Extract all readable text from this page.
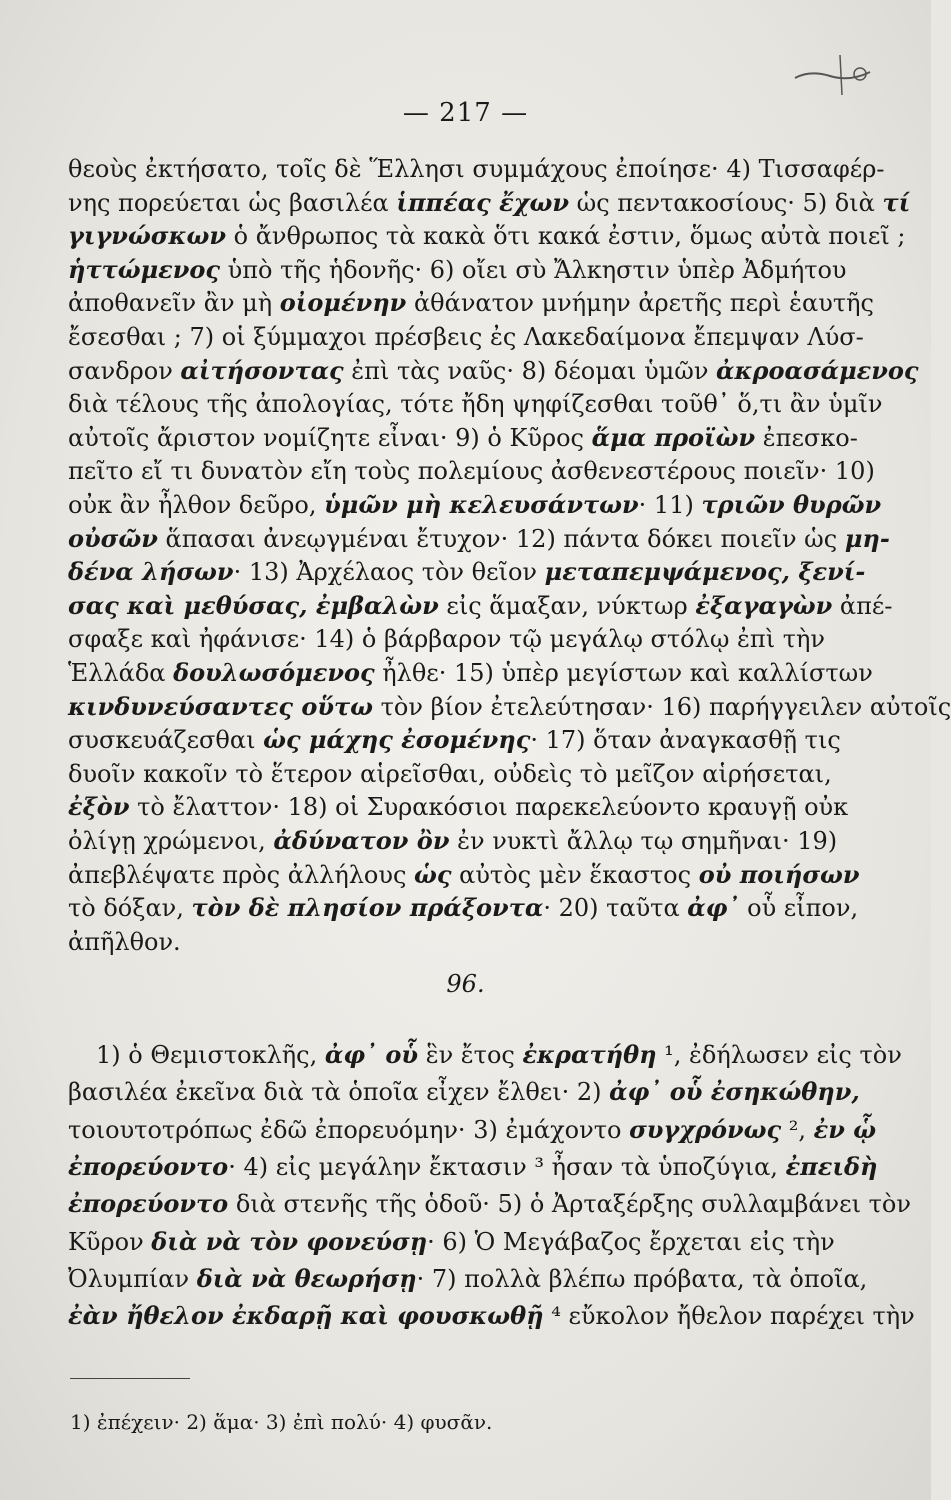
— 217 —
θεοὺς ἐκτήσατο, τοῖς δὲ Ἕλλησι συμμάχους ἐποίησε· 4) Τισσαφέρ-
νης πορεύεται ὡς βασιλέα ἱππέας ἔχων ὡς πεντακοσίους· 5) διὰ τί
γιγνώσκων ὁ ἄνθρωπος τὰ κακὰ ὅτι κακά ἐστιν, ὅμως αὐτὰ ποιεῖ ;
ἡττώμενος ὑπὸ τῆς ἡδονῆς· 6) οἴει σὺ Ἄλκηστιν ὑπὲρ Ἀδμήτου
ἀποθανεῖν ἂν μὴ οἰομένην ἀθάνατον μνήμην ἀρετῆς περὶ ἑαυτῆς
ἔσεσθαι ; 7) οἱ ξύμμαχοι πρέσβεις ἐς Λακεδαίμονα ἔπεμψαν Λύσ-
σανδρον αἰτήσοντας ἐπὶ τὰς ναῦς· 8) δέομαι ὑμῶν ἀκροασάμενος
διὰ τέλους τῆς ἀπολογίας, τότε ἤδη ψηφίζεσθαι τοῦθ᾽ ὅ,τι ἂν ὑμῖν
αὐτοῖς ἄριστον νομίζητε εἶναι· 9) ὁ Κῦρος ἅμα προϊὼν ἐπεσκο-
πεῖτο εἴ τι δυνατὸν εἴη τοὺς πολεμίους ἀσθενεστέρους ποιεῖν· 10)
οὐκ ἂν ἦλθον δεῦρο, ὑμῶν μὴ κελευσάντων· 11) τριῶν θυρῶν
οὐσῶν ἅπασαι ἀνεῳγμέναι ἔτυχον· 12) πάντα δόκει ποιεῖν ὡς μη-
δένα λήσων· 13) Ἀρχέλαος τὸν θεῖον μεταπεμψάμενος, ξενί-
σας καὶ μεθύσας, ἐμβαλὼν εἰς ἅμαξαν, νύκτωρ ἐξαγαγὼν ἀπέ-
σφαξε καὶ ἠφάνισε· 14) ὁ βάρβαρον τῷ μεγάλῳ στόλῳ ἐπὶ τὴν
Ἑλλάδα δουλωσόμενος ἦλθε· 15) ὑπὲρ μεγίστων καὶ καλλίστων
κινδυνεύσαντες οὕτω τὸν βίον ἐτελεύτησαν· 16) παρήγγειλεν αὐτοῖς
συσκευάζεσθαι ὡς μάχης ἐσομένης· 17) ὅταν ἀναγκασθῇ τις
δυοῖν κακοῖν τὸ ἕτερον αἱρεῖσθαι, οὐδεὶς τὸ μεῖζον αἱρήσεται,
ἐξὸν τὸ ἔλαττον· 18) οἱ Συρακόσιοι παρεκελεύοντο κραυγῇ οὐκ
ὀλίγῃ χρώμενοι, ἀδύνατον ὂν ἐν νυκτὶ ἄλλῳ τῳ σημῆναι· 19)
ἀπεβλέψατε πρὸς ἀλλήλους ὡς αὐτὸς μὲν ἕκαστος οὐ ποιήσων
τὸ δόξαν, τὸν δὲ πλησίον πράξοντα· 20) ταῦτα ἀφ᾽ οὗ εἶπον,
ἀπῆλθον.
96.
1) ὁ Θεμιστοκλῆς, ἀφ᾽ οὗ ἓν ἔτος ἐκρατήθη ¹, ἐδήλωσεν εἰς τὸν
βασιλέα ἐκεῖνα διὰ τὰ ὁποῖα εἶχεν ἔλθει· 2) ἀφ᾽ οὗ ἐσηκώθην,
τοιουτοτρόπως ἐδῶ ἐπορευόμην· 3) ἐμάχοντο συγχρόνως ², ἐν ᾧ
ἐπορεύοντο· 4) εἰς μεγάλην ἔκτασιν ³ ἦσαν τὰ ὑποζύγια, ἐπειδὴ
ἐπορεύοντο διὰ στενῆς τῆς ὁδοῦ· 5) ὁ Ἀρταξέρξης συλλαμβάνει τὸν
Κῦρον διὰ νὰ τὸν φονεύσῃ· 6) Ὁ Μεγάβαζος ἔρχεται εἰς τὴν
Ὀλυμπίαν διὰ νὰ θεωρήσῃ· 7) πολλὰ βλέπω πρόβατα, τὰ ὁποῖα,
ἐὰν ἤθελον ἐκδαρῇ καὶ φουσκωθῇ ⁴ εὔκολον ἤθελον παρέχει τὴν
1) ἐπέχειν· 2) ἅμα· 3) ἐπὶ πολύ· 4) φυσᾶν.
